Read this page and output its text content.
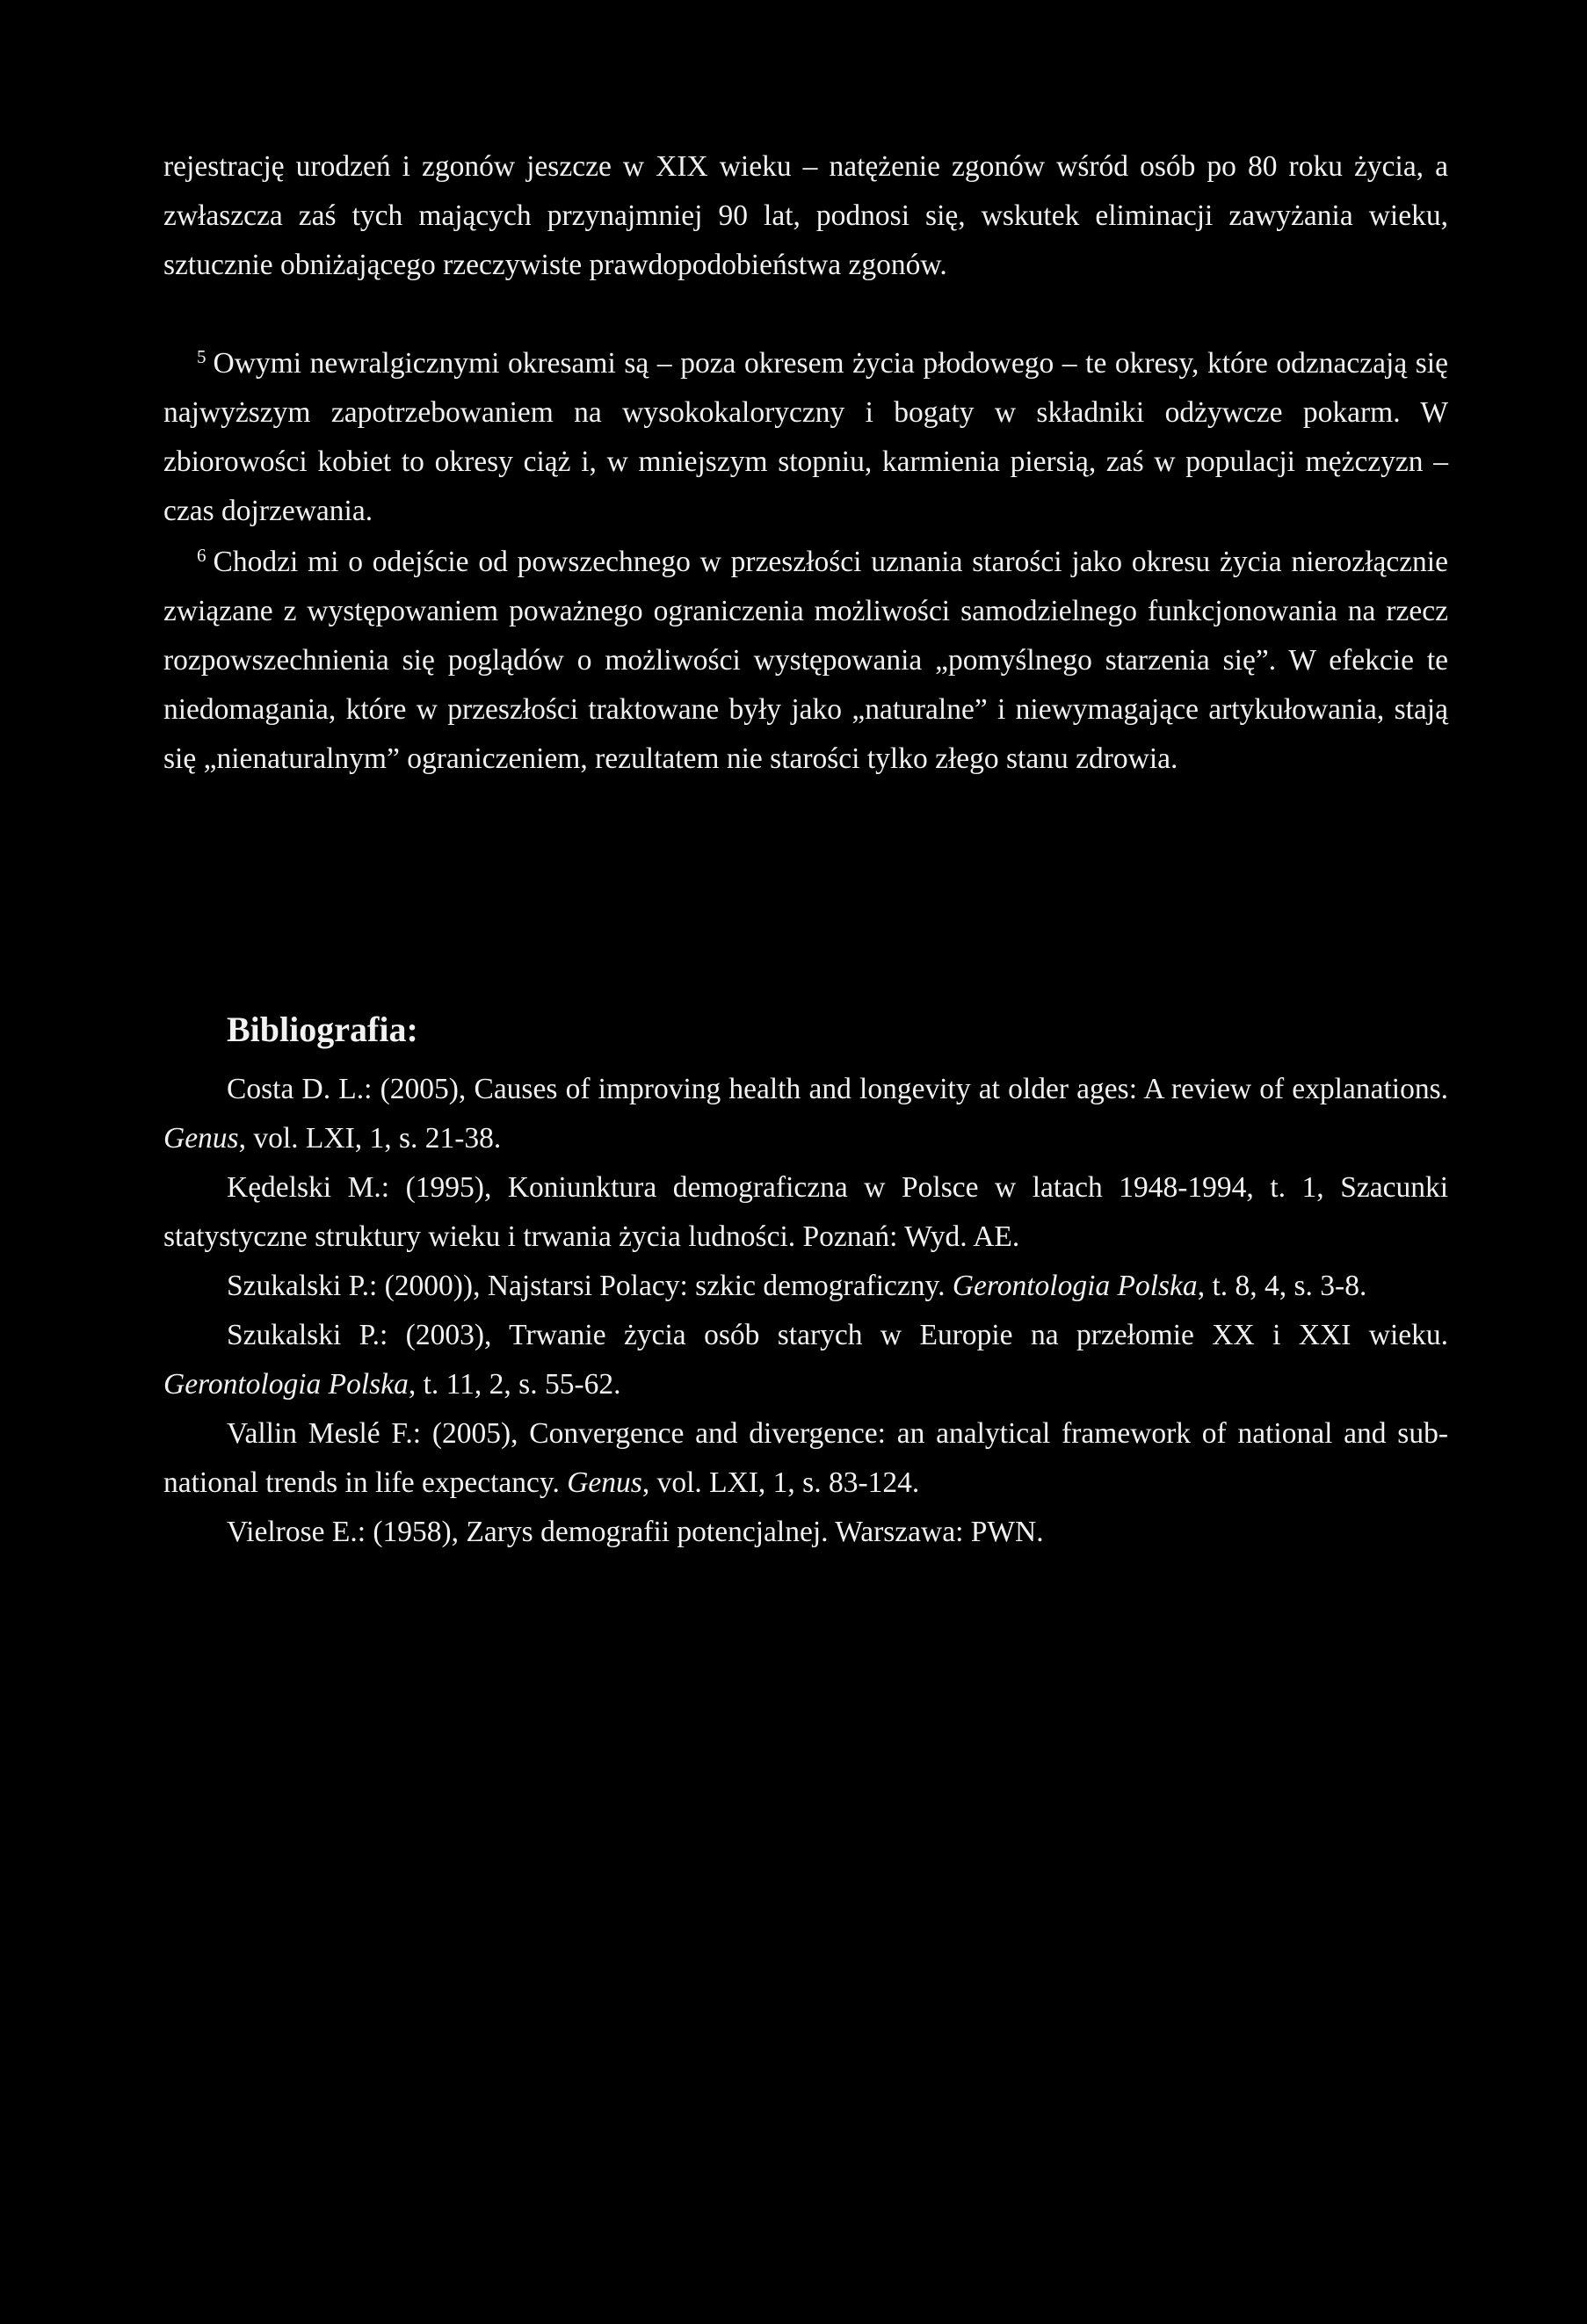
rejestrację urodzeń i zgonów jeszcze w XIX wieku – natężenie zgonów wśród osób po 80 roku życia, a zwłaszcza zaś tych mających przynajmniej 90 lat, podnosi się, wskutek eliminacji zawyżania wieku, sztucznie obniżającego rzeczywiste prawdopodobieństwa zgonów.

$^5$ Owymi newralgicznymi okresami są – poza okresem życia płodowego – te okresy, które odznaczają się najwyższym zapotrzebowaniem na wysokokaloryczny i bogaty w składniki odżywcze pokarm. W zbiorowości kobiet to okresy ciąż i, w mniejszym stopniu, karmienia piersią, zaś w populacji mężczyzn – czas dojrzewania.

$^6$ Chodzi mi o odejście od powszechnego w przeszłości uznania starości jako okresu życia nierozłącznie związane z występowaniem poważnego ograniczenia możliwości samodzielnego funkcjonowania na rzecz rozpowszechnienia się poglądów o możliwości występowania „pomyślnego starzenia się”. W efekcie te niedomagania, które w przeszłości traktowane były jako „naturalne” i niewymagające artykułowania, stają się „nienaturalnym” ograniczeniem, rezultatem nie starości tylko złego stanu zdrowia.

Bibliografia:
Costa D. L.: (2005), Causes of improving health and longevity at older ages: A review of explanations. Genus, vol. LXI, 1, s. 21-38.
Kędelski M.: (1995), Koniunktura demograficzna w Polsce w latach 1948-1994, t. 1, Szacunki statystyczne struktury wieku i trwania życia ludności. Poznań: Wyd. AE.
Szukalski P.: (2000)), Najstarsi Polacy: szkic demograficzny. Gerontologia Polska, t. 8, 4, s. 3-8.
Szukalski P.: (2003), Trwanie życia osób starych w Europie na przełomie XX i XXI wieku. Gerontologia Polska, t. 11, 2, s. 55-62.
Vallin Meslé F.: (2005), Convergence and divergence: an analytical framework of national and sub-national trends in life expectancy. Genus, vol. LXI, 1, s. 83-124.
Vielrose E.: (1958), Zarys demografii potencjalnej. Warszawa: PWN.
